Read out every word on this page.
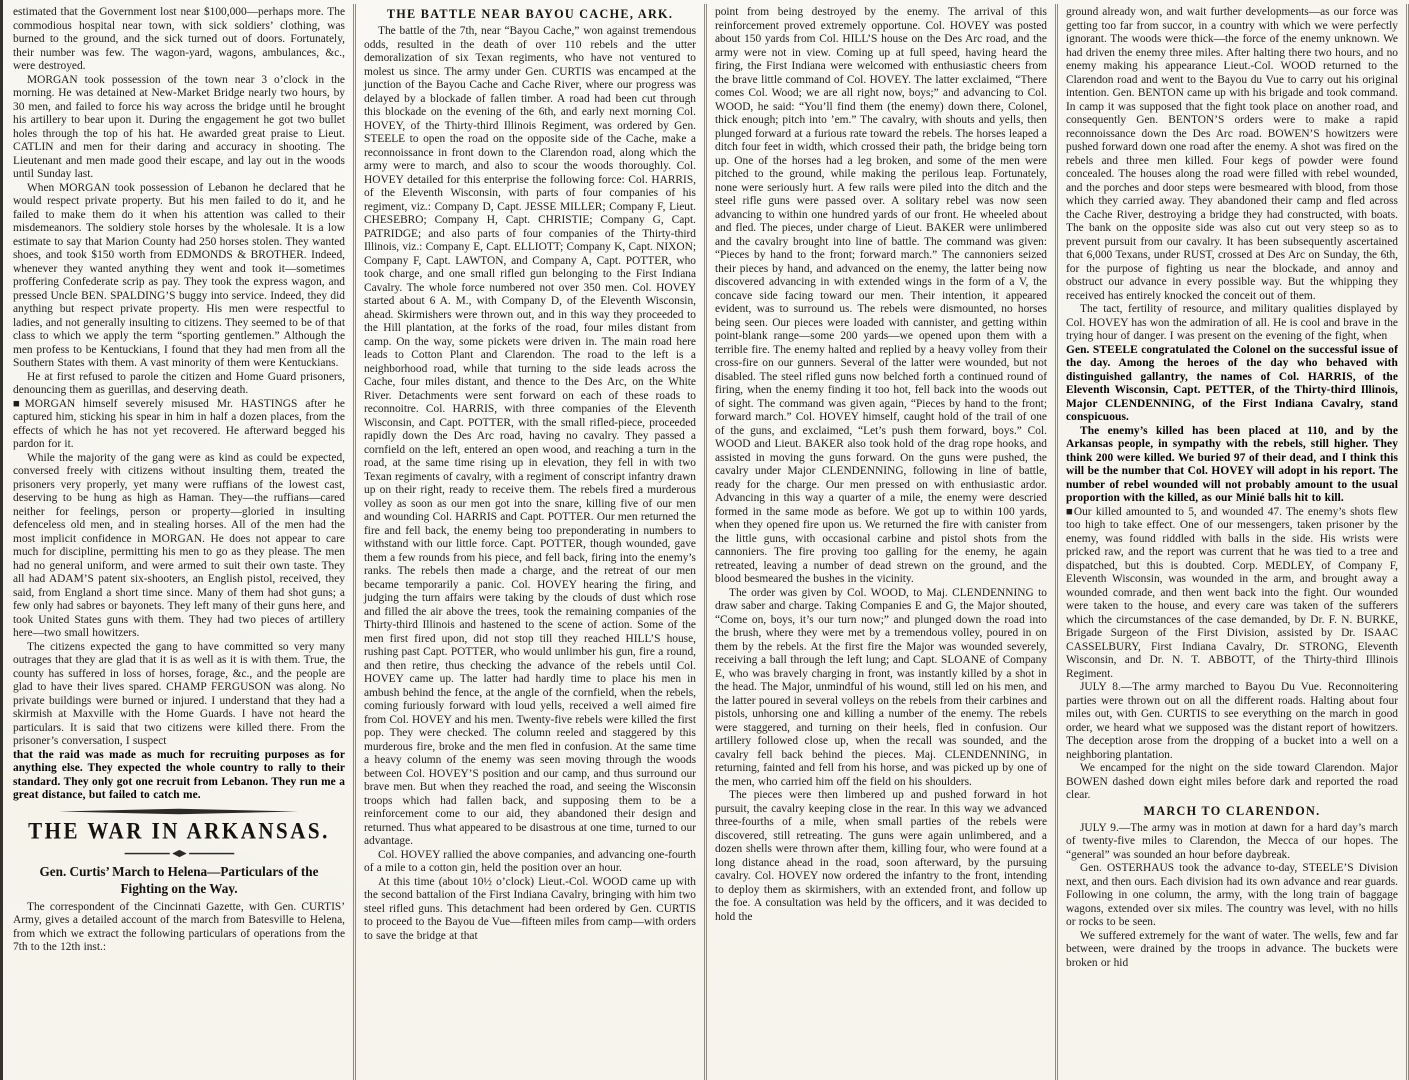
estimated that the Government lost near $100,000—perhaps more. The commodious hospital near town, with sick soldiers’ clothing, was burned to the ground, and the sick turned out of doors. Fortunately, their number was few. The wagon-yard, wagons, ambulances, &c., were destroyed.

MORGAN took possession of the town near 3 o’clock in the morning. He was detained at New-Market Bridge nearly two hours, by 30 men, and failed to force his way across the bridge until he brought his artillery to bear upon it. During the engagement he got two bullet holes through the top of his hat. He awarded great praise to Lieut. CATLIN and men for their daring and accuracy in shooting. The Lieutenant and men made good their escape, and lay out in the woods until Sunday last.

When MORGAN took possession of Lebanon he declared that he would respect private property. But his men failed to do it, and he failed to make them do it when his attention was called to their misdemeanors. The soldiery stole horses by the wholesale. It is a low estimate to say that Marion County had 250 horses stolen. They wanted shoes, and took $150 worth from EDMONDS & BROTHER. Indeed, whenever they wanted anything they went and took it—sometimes proffering Confederate scrip as pay. They took the express wagon, and pressed Uncle BEN. SPALDING’S buggy into service. Indeed, they did anything but respect private property. His men were respectful to ladies, and not generally insulting to citizens. They seemed to be of that class to which we apply the term “sporting gentlemen.” Although the men profess to be Kentuckians, I found that they had men from all the Southern States with them. A vast minority of them were Kentuckians.

He at first refused to parole the citizen and Home Guard prisoners, denouncing them as guerillas, and deserving death.

■MORGAN himself severely misused Mr. HASTINGS after he captured him, sticking his spear in him in half a dozen places, from the effects of which he has not yet recovered. He afterward begged his pardon for it.

While the majority of the gang were as kind as could be expected, conversed freely with citizens without insulting them, treated the prisoners very properly, yet many were ruffians of the lowest cast, deserving to be hung as high as Haman. They—the ruffians—cared neither for feelings, person or property—gloried in insulting defenceless old men, and in stealing horses. All of the men had the most implicit confidence in MORGAN. He does not appear to care much for discipline, permitting his men to go as they please. The men had no general uniform, and were armed to suit their own taste. They all had ADAM’S patent six-shooters, an English pistol, received, they said, from England a short time since. Many of them had shot guns; a few only had sabres or bayonets. They left many of their guns here, and took United States guns with them. They had two pieces of artillery here—two small howitzers.

The citizens expected the gang to have committed so very many outrages that they are glad that it is as well as it is with them. True, the county has suffered in loss of horses, forage, &c., and the people are glad to have their lives spared. CHAMP FERGUSON was along. No private buildings were burned or injured. I understand that they had a skirmish at Maxville with the Home Guards. I have not heard the particulars. It is said that two citizens were killed there. From the prisoner’s conversation, I suspect

that the raid was made as much for recruiting purposes as for anything else. They expected the whole country to rally to their standard. They only got one recruit from Lebanon. They run me a great distance, but failed to catch me.

THE WAR IN ARKANSAS.
Gen. Curtis’ March to Helena—Particulars of the Fighting on the Way.

The correspondent of the Cincinnati Gazette, with Gen. CURTIS’ Army, gives a detailed account of the march from Batesville to Helena, from which we extract the following particulars of operations from the 7th to the 12th inst.:

THE BATTLE NEAR BAYOU CACHE, ARK.

The battle of the 7th, near “Bayou Cache,” won against tremendous odds, resulted in the death of over 110 rebels and the utter demoralization of six Texan regiments, who have not ventured to molest us since. The army under Gen. CURTIS was encamped at the junction of the Bayou Cache and Cache River, where our progress was delayed by a blockade of fallen timber. A road had been cut through this blockade on the evening of the 6th, and early next morning Col. HOVEY, of the Thirty-third Illinois Regiment, was ordered by Gen. STEELE to open the road on the opposite side of the Cache, make a reconnoissance in front down to the Clarendon road, along which the army were to march, and also to scour the woods thoroughly. Col. HOVEY detailed for this enterprise the following force: Col. HARRIS, of the Eleventh Wisconsin, with parts of four companies of his regiment, viz.: Company D, Capt. JESSE MILLER; Company F, Lieut. CHESEBRO; Company H, Capt. CHRISTIE; Company G, Capt. PATRIDGE; and also parts of four companies of the Thirty-third Illinois, viz.: Company E, Capt. ELLIOTT; Company K, Capt. NIXON; Company F, Capt. LAWTON, and Company A, Capt. POTTER, who took charge, and one small rifled gun belonging to the First Indiana Cavalry. The whole force numbered not over 350 men. Col. HOVEY started about 6 A. M., with Company D, of the Eleventh Wisconsin, ahead. Skirmishers were thrown out, and in this way they proceeded to the Hill plantation, at the forks of the road, four miles distant from camp. On the way, some pickets were driven in. The main road here leads to Cotton Plant and Clarendon. The road to the left is a neighborhood road, while that turning to the side leads across the Cache, four miles distant, and thence to the Des Arc, on the White River. Detachments were sent forward on each of these roads to reconnoitre. Col. HARRIS, with three companies of the Eleventh Wisconsin, and Capt. POTTER, with the small rifled-piece, proceeded rapidly down the Des Arc road, having no cavalry. They passed a cornfield on the left, entered an open wood, and reaching a turn in the road, at the same time rising up in elevation, they fell in with two Texan regiments of cavalry, with a regiment of conscript infantry drawn up on their right, ready to receive them. The rebels fired a murderous volley as soon as our men got into the snare, killing five of our men and wounding Col. HARRIS and Capt. POTTER. Our men returned the fire and fell back, the enemy being too preponderating in numbers to withstand with our little force. Capt. POTTER, though wounded, gave them a few rounds from his piece, and fell back, firing into the enemy’s ranks. The rebels then made a charge, and the retreat of our men became temporarily a panic. Col. HOVEY hearing the firing, and judging the turn affairs were taking by the clouds of dust which rose and filled the air above the trees, took the remaining companies of the Thirty-third Illinois and hastened to the scene of action. Some of the men first fired upon, did not stop till they reached HILL’S house, rushing past Capt. POTTER, who would unlimber his gun, fire a round, and then retire, thus checking the advance of the rebels until Col. HOVEY came up. The latter had hardly time to place his men in ambush behind the fence, at the angle of the cornfield, when the rebels, coming furiously forward with loud yells, received a well aimed fire from Col. HOVEY and his men. Twenty-five rebels were killed the first pop. They were checked. The column reeled and staggered by this murderous fire, broke and the men fled in confusion. At the same time a heavy column of the enemy was seen moving through the woods between Col. HOVEY’S position and our camp, and thus surround our brave men. But when they reached the road, and seeing the Wisconsin troops which had fallen back, and supposing them to be a reinforcement come to our aid, they abandoned their design and returned. Thus what appeared to be disastrous at one time, turned to our advantage.

Col. HOVEY rallied the above companies, and advancing one-fourth of a mile to a cotton gin, held the position over an hour.

At this time (about 10½ o’clock) Lieut.-Col. WOOD came up with the second battalion of the First Indiana Cavalry, bringing with him two steel rifled guns. This detachment had been ordered by Gen. CURTIS to proceed to the Bayou de Vue—fifteen miles from camp—with orders to save the bridge at that

point from being destroyed by the enemy. The arrival of this reinforcement proved extremely opportune. Col. HOVEY was posted about 150 yards from Col. HILL’S house on the Des Arc road, and the army were not in view. Coming up at full speed, having heard the firing, the First Indiana were welcomed with enthusiastic cheers from the brave little command of Col. HOVEY. The latter exclaimed, “There comes Col. Wood; we are all right now, boys;” and advancing to Col. WOOD, he said: “You’ll find them (the enemy) down there, Colonel, thick enough; pitch into ’em.” The cavalry, with shouts and yells, then plunged forward at a furious rate toward the rebels. The horses leaped a ditch four feet in width, which crossed their path, the bridge being torn up. One of the horses had a leg broken, and some of the men were pitched to the ground, while making the perilous leap. Fortunately, none were seriously hurt. A few rails were piled into the ditch and the steel rifle guns were passed over. A solitary rebel was now seen advancing to within one hundred yards of our front. He wheeled about and fled. The pieces, under charge of Lieut. BAKER were unlimbered and the cavalry brought into line of battle. The command was given: “Pieces by hand to the front; forward march.” The cannoniers seized their pieces by hand, and advanced on the enemy, the latter being now discovered advancing in with extended wings in the form of a V, the concave side facing toward our men. Their intention, it appeared evident, was to surround us. The rebels were dismounted, no horses being seen. Our pieces were loaded with cannister, and getting within point-blank range—some 200 yards—we opened upon them with a terrible fire. The enemy halted and replied by a heavy volley from their cross-fire on our gunners. Several of the latter were wounded, but not disabled. The steel rifled guns now belched forth a continued round of firing, when the enemy finding it too hot, fell back into the woods out of sight. The command was given again, “Pieces by hand to the front; forward march.” Col. HOVEY himself, caught hold of the trail of one of the guns, and exclaimed, “Let’s push them forward, boys.” Col. WOOD and Lieut. BAKER also took hold of the drag rope hooks, and assisted in moving the guns forward. On the guns were pushed, the cavalry under Major CLENDENNING, following in line of battle, ready for the charge. Our men pressed on with enthusiastic ardor. Advancing in this way a quarter of a mile, the enemy were descried formed in the same mode as before. We got up to within 100 yards, when they opened fire upon us. We returned the fire with canister from the little guns, with occasional carbine and pistol shots from the cannoniers. The fire proving too galling for the enemy, he again retreated, leaving a number of dead strewn on the ground, and the blood besmeared the bushes in the vicinity.

The order was given by Col. WOOD, to Maj. CLENDENNING to draw saber and charge. Taking Companies E and G, the Major shouted, “Come on, boys, it’s our turn now;” and plunged down the road into the brush, where they were met by a tremendous volley, poured in on them by the rebels. At the first fire the Major was wounded severely, receiving a ball through the left lung; and Capt. SLOANE of Company E, who was bravely charging in front, was instantly killed by a shot in the head. The Major, unmindful of his wound, still led on his men, and the latter poured in several volleys on the rebels from their carbines and pistols, unhorsing one and killing a number of the enemy. The rebels were staggered, and turning on their heels, fled in confusion. Our artillery followed close up, when the recall was sounded, and the cavalry fell back behind the pieces. Maj. CLENDENNING, in returning, fainted and fell from his horse, and was picked up by one of the men, who carried him off the field on his shoulders.

The pieces were then limbered up and pushed forward in hot pursuit, the cavalry keeping close in the rear. In this way we advanced three-fourths of a mile, when small parties of the rebels were discovered, still retreating. The guns were again unlimbered, and a dozen shells were thrown after them, killing four, who were found at a long distance ahead in the road, soon afterward, by the pursuing cavalry. Col. HOVEY now ordered the infantry to the front, intending to deploy them as skirmishers, with an extended front, and follow up the foe. A consultation was held by the officers, and it was decided to hold the

ground already won, and wait further developments—as our force was getting too far from succor, in a country with which we were perfectly ignorant. The woods were thick—the force of the enemy unknown. We had driven the enemy three miles. After halting there two hours, and no enemy making his appearance Lieut.-Col. WOOD returned to the Clarendon road and went to the Bayou du Vue to carry out his original intention. Gen. BENTON came up with his brigade and took command. In camp it was supposed that the fight took place on another road, and consequently Gen. BENTON’S orders were to make a rapid reconnoissance down the Des Arc road. BOWEN’S howitzers were pushed forward down one road after the enemy. A shot was fired on the rebels and three men killed. Four kegs of powder were found concealed. The houses along the road were filled with rebel wounded, and the porches and door steps were besmeared with blood, from those which they carried away. They abandoned their camp and fled across the Cache River, destroying a bridge they had constructed, with boats. The bank on the opposite side was also cut out very steep so as to prevent pursuit from our cavalry. It has been subsequently ascertained that 6,000 Texans, under RUST, crossed at Des Arc on Sunday, the 6th, for the purpose of fighting us near the blockade, and annoy and obstruct our advance in every possible way. But the whipping they received has entirely knocked the conceit out of them.

The tact, fertility of resource, and military qualities displayed by Col. HOVEY has won the admiration of all. He is cool and brave in the trying hour of danger. I was present on the evening of the fight, when

Gen. STEELE congratulated the Colonel on the successful issue of the day. Among the heroes of the day who behaved with distinguished gallantry, the names of Col. HARRIS, of the Eleventh Wisconsin, Capt. PETTER, of the Thirty-third Illinois, Major CLENDENNING, of the First Indiana Cavalry, stand conspicuous.

The enemy’s killed has been placed at 110, and by the Arkansas people, in sympathy with the rebels, still higher. They think 200 were killed. We buried 97 of their dead, and I think this will be the number that Col. HOVEY will adopt in his report. The number of rebel wounded will not probably amount to the usual proportion with the killed, as our Minié balls hit to kill.

■Our killed amounted to 5, and wounded 47. The enemy’s shots flew too high to take effect. One of our messengers, taken prisoner by the enemy, was found riddled with balls in the side. His wrists were pricked raw, and the report was current that he was tied to a tree and dispatched, but this is doubted. Corp. MEDLEY, of Company F, Eleventh Wisconsin, was wounded in the arm, and brought away a wounded comrade, and then went back into the fight. Our wounded were taken to the house, and every care was taken of the sufferers which the circumstances of the case demanded, by Dr. F. N. BURKE, Brigade Surgeon of the First Division, assisted by Dr. ISAAC CASSELBURY, First Indiana Cavalry, Dr. STRONG, Eleventh Wisconsin, and Dr. N. T. ABBOTT, of the Thirty-third Illinois Regiment.

JULY 8.—The army marched to Bayou Du Vue. Reconnoitering parties were thrown out on all the different roads. Halting about four miles out, with Gen. CURTIS to see everything on the march in good order, we heard what we supposed was the distant report of howitzers. The deception arose from the dropping of a bucket into a well on a neighboring plantation.

We encamped for the night on the side toward Clarendon. Major BOWEN dashed down eight miles before dark and reported the road clear.

MARCH TO CLARENDON.

JULY 9.—The army was in motion at dawn for a hard day’s march of twenty-five miles to Clarendon, the Mecca of our hopes. The “general” was sounded an hour before daybreak.

Gen. OSTERHAUS took the advance to-day, STEELE’S Division next, and then ours. Each division had its own advance and rear guards. Following in one column, the army, with the long train of baggage wagons, extended over six miles. The country was level, with no hills or rocks to be seen.

We suffered extremely for the want of water. The wells, few and far between, were drained by the troops in advance. The buckets were broken or hid
